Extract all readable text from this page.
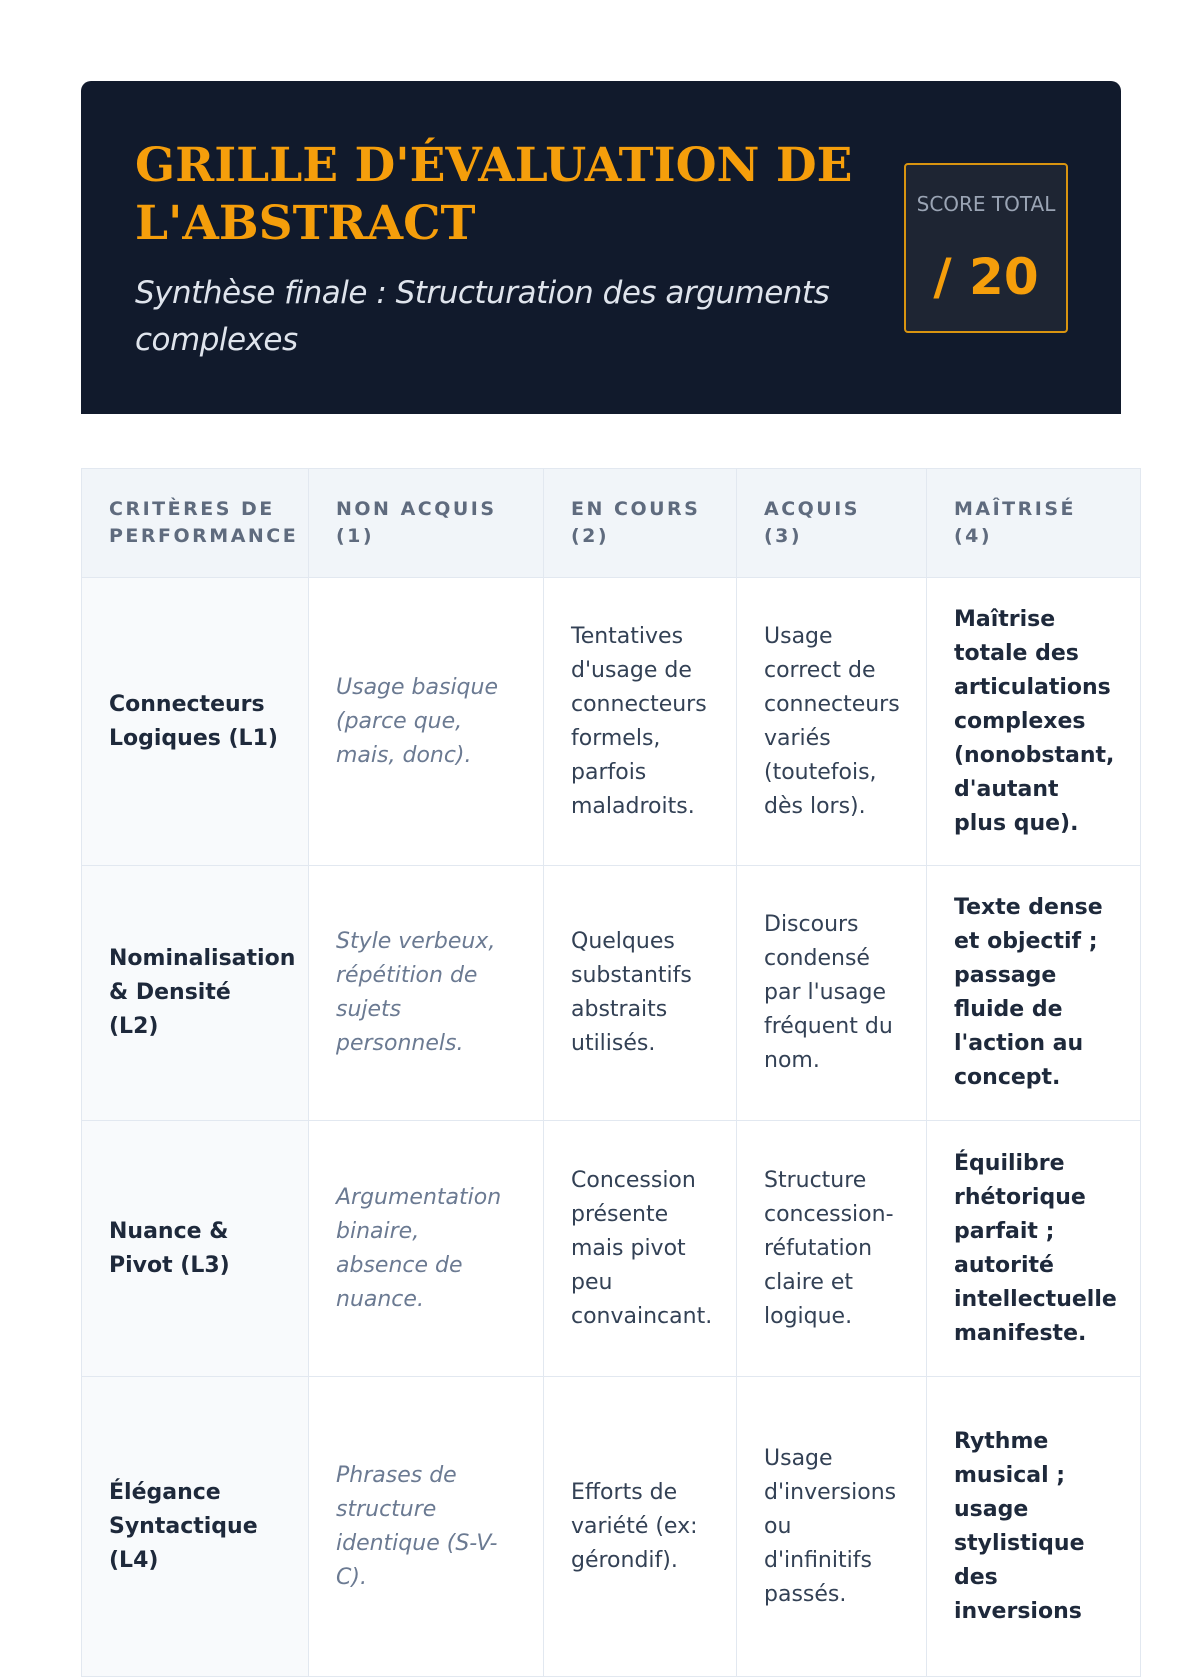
GRILLE D'ÉVALUATION DE L'ABSTRACT

Synthèse finale : Structuration des arguments complexes

SCORE TOTAL
/ 20
CRITÈRES DE PERFORMANCE	NON ACQUIS (1)	EN COURS (2)	ACQUIS (3)	MAÎTRISÉ (4)
Connecteurs Logiques (L1)	Usage basique (parce que, mais, donc).	Tentatives d'usage de connecteurs formels, parfois maladroits.	Usage correct de connecteurs variés (toutefois, dès lors).	Maîtrise totale des articulations complexes (nonobstant, d'autant plus que).
Nominalisation & Densité (L2)	Style verbeux, répétition de sujets personnels.	Quelques substantifs abstraits utilisés.	Discours condensé par l'usage fréquent du nom.	Texte dense et objectif ; passage fluide de l'action au concept.
Nuance & Pivot (L3)	Argumentation binaire, absence de nuance.	Concession présente mais pivot peu convaincant.	Structure concession-réfutation claire et logique.	Équilibre rhétorique parfait ; autorité intellectuelle manifeste.
Élégance Syntactique (L4)	Phrases de structure identique (S-V-C).	Efforts de variété (ex: gérondif).	Usage d'inversions ou d'infinitifs passés.	Rythme musical ; usage stylistique des inversions
